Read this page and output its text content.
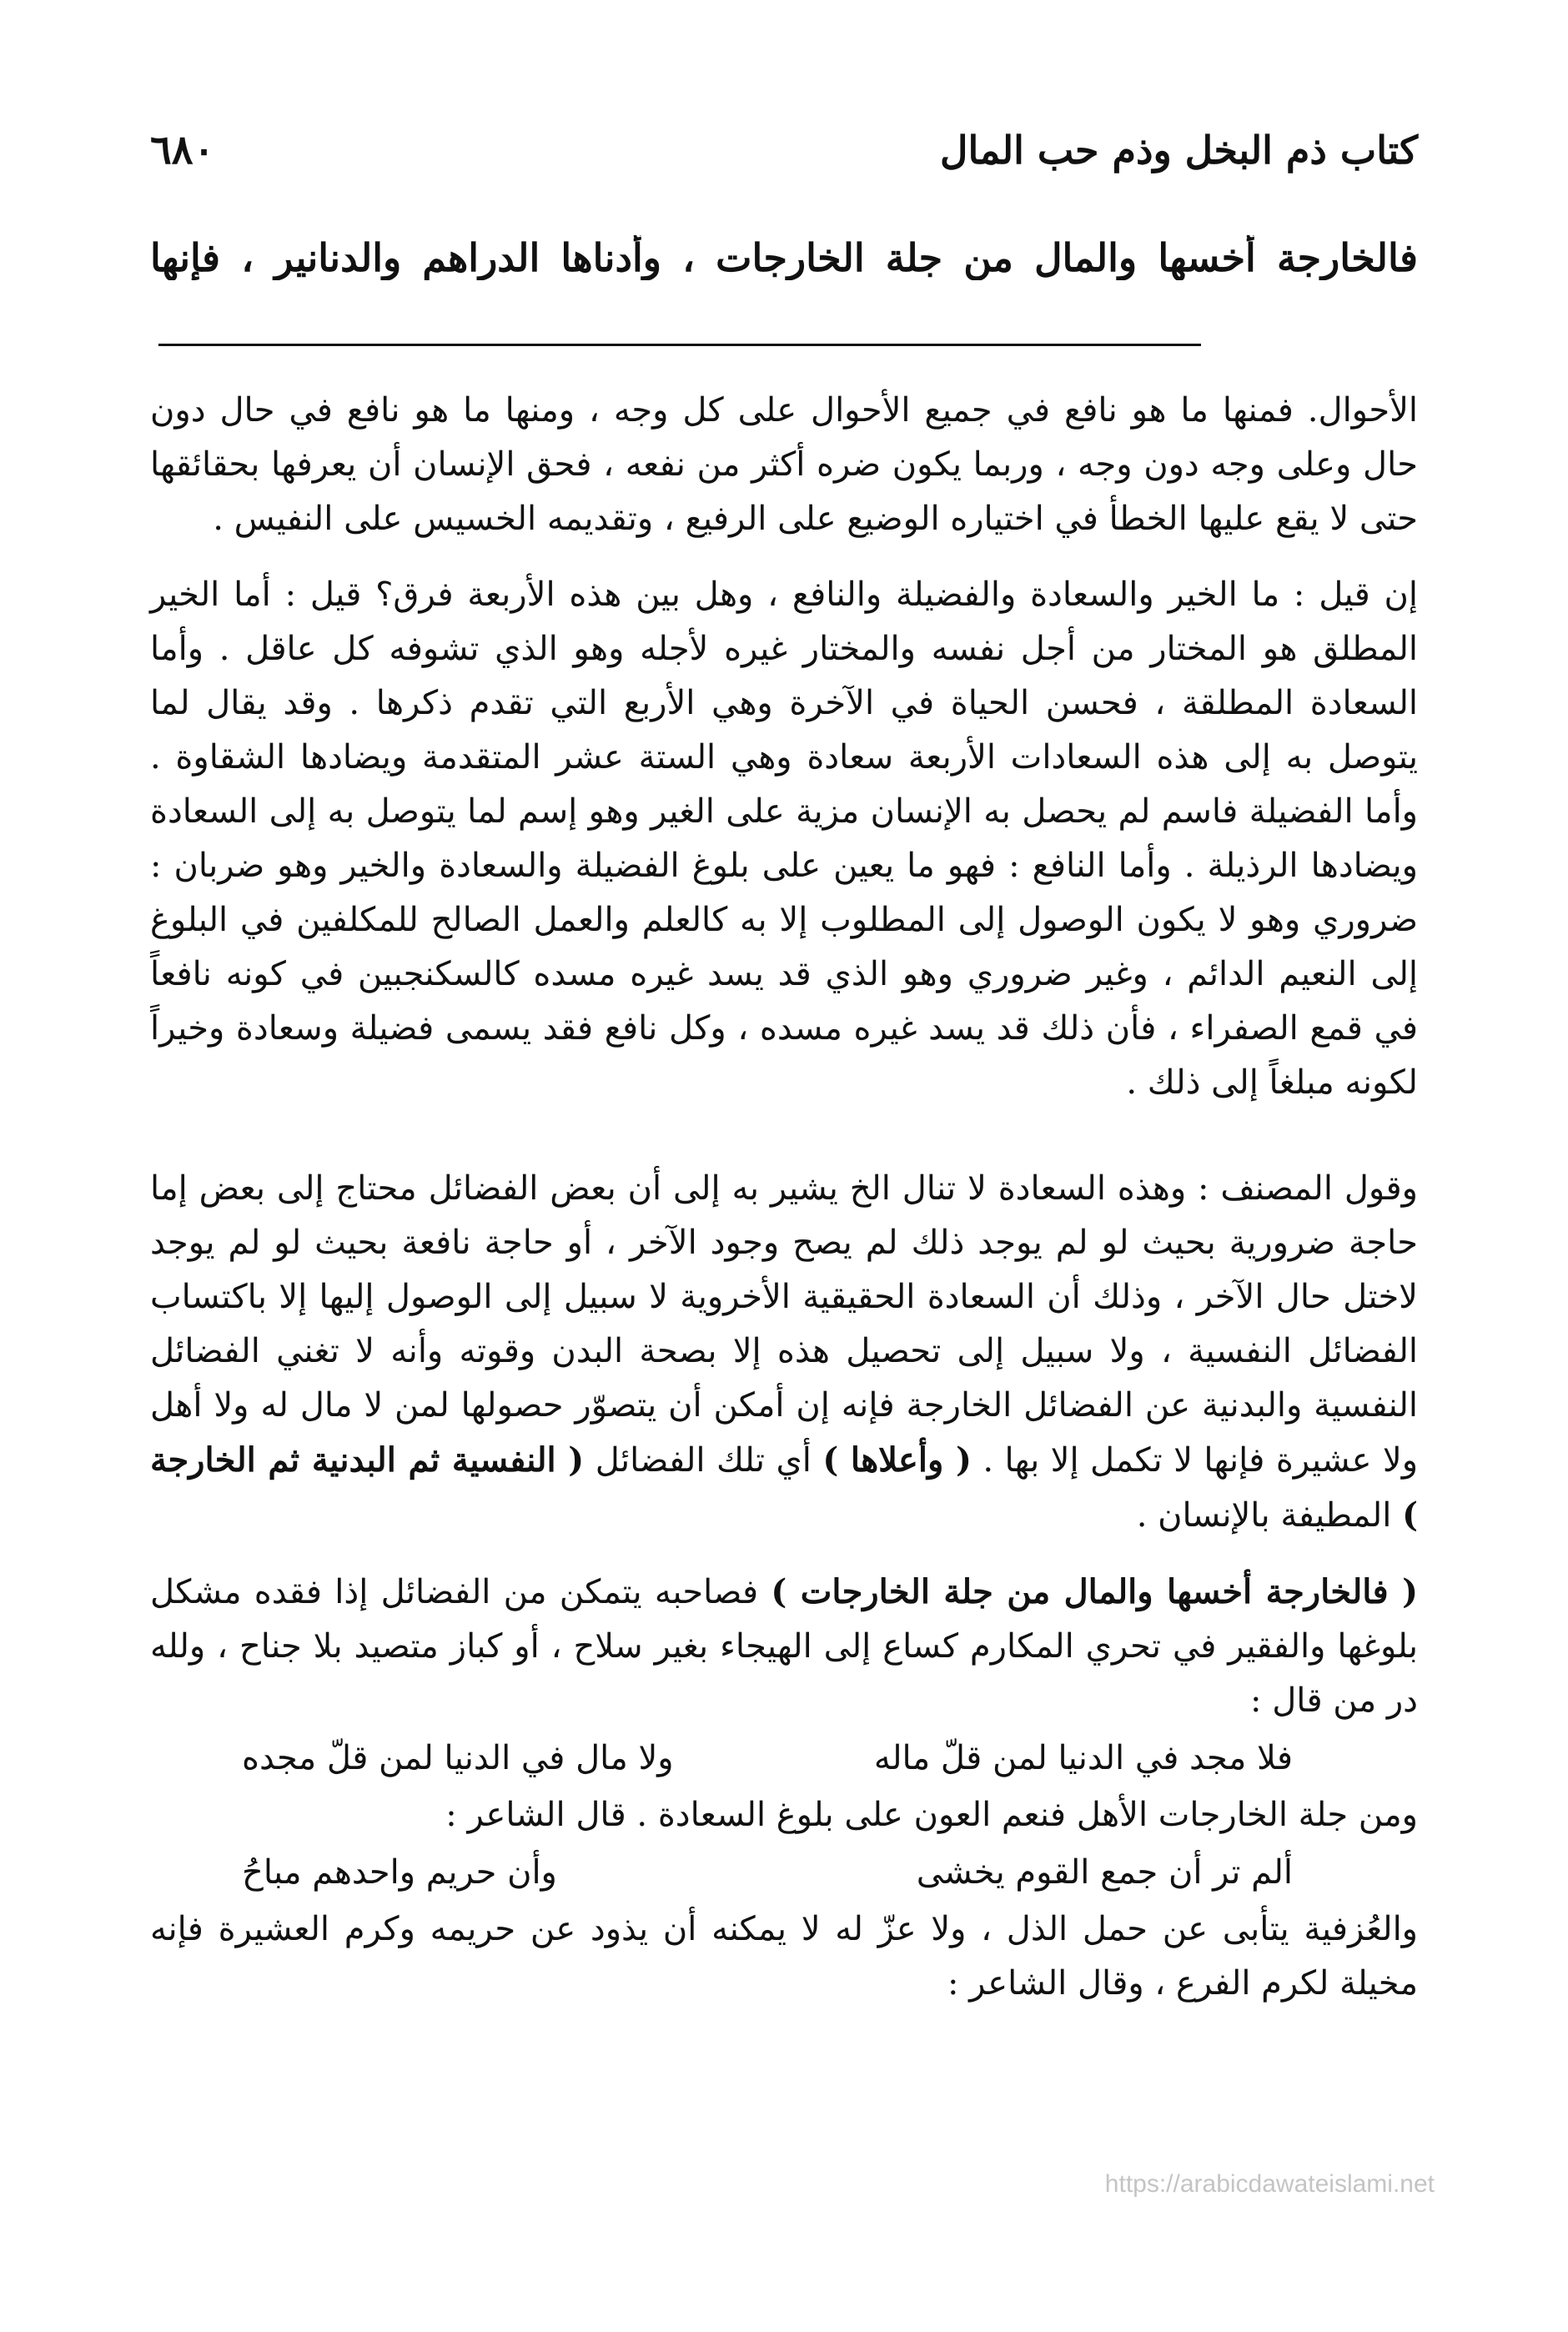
٦٨٠	كتاب ذم البخل وذم حب المال
فالخارجة أخسها والمال من جلة الخارجات ، وأدناها الدراهم والدنانير ، فإنها

الأحوال. فمنها ما هو نافع في جميع الأحوال على كل وجه ، ومنها ما هو نافع في حال دون حال وعلى وجه دون وجه ، وربما يكون ضره أكثر من نفعه ، فحق الإنسان أن يعرفها بحقائقها حتى لا يقع عليها الخطأ في اختياره الوضيع على الرفيع ، وتقديمه الخسيس على النفيس .

إن قيل : ما الخير والسعادة والفضيلة والنافع ، وهل بين هذه الأربعة فرق؟ قيل : أما الخير المطلق هو المختار من أجل نفسه والمختار غيره لأجله وهو الذي تشوفه كل عاقل . وأما السعادة المطلقة ، فحسن الحياة في الآخرة وهي الأربع التي تقدم ذكرها . وقد يقال لما يتوصل به إلى هذه السعادات الأربعة سعادة وهي الستة عشر المتقدمة ويضادها الشقاوة . وأما الفضيلة فاسم لم يحصل به الإنسان مزية على الغير وهو إسم لما يتوصل به إلى السعادة ويضادها الرذيلة . وأما النافع : فهو ما يعين على بلوغ الفضيلة والسعادة والخير وهو ضربان : ضروري وهو لا يكون الوصول إلى المطلوب إلا به كالعلم والعمل الصالح للمكلفين في البلوغ إلى النعيم الدائم ، وغير ضروري وهو الذي قد يسد غيره مسده كالسكنجبين في كونه نافعاً في قمع الصفراء ، فأن ذلك قد يسد غيره مسده ، وكل نافع فقد يسمى فضيلة وسعادة وخيراً لكونه مبلغاً إلى ذلك .

وقول المصنف : وهذه السعادة لا تنال الخ يشير به إلى أن بعض الفضائل محتاج إلى بعض إما حاجة ضرورية بحيث لو لم يوجد ذلك لم يصح وجود الآخر ، أو حاجة نافعة بحيث لو لم يوجد لاختل حال الآخر ، وذلك أن السعادة الحقيقية الأخروية لا سبيل إلى الوصول إليها إلا باكتساب الفضائل النفسية ، ولا سبيل إلى تحصيل هذه إلا بصحة البدن وقوته وأنه لا تغني الفضائل النفسية والبدنية عن الفضائل الخارجة فإنه إن أمكن أن يتصوّر حصولها لمن لا مال له ولا أهل ولا عشيرة فإنها لا تكمل إلا بها . ( وأعلاها ) أي تلك الفضائل ( النفسية ثم البدنية ثم الخارجة ) المطيفة بالإنسان .

( فالخارجة أخسها والمال من جلة الخارجات ) فصاحبه يتمكن من الفضائل إذا فقده مشكل بلوغها والفقير في تحري المكارم كساع إلى الهيجاء بغير سلاح ، أو كباز متصيد بلا جناح ، ولله در من قال :

فلا مجد في الدنيا لمن قلّ ماله
ولا مال في الدنيا لمن قلّ مجده

ومن جلة الخارجات الأهل فنعم العون على بلوغ السعادة . قال الشاعر :

ألم تر أن جمع القوم يخشى
وأن حريم واحدهم مباحُ

والعُزفية يتأبى عن حمل الذل ، ولا عزّ له لا يمكنه أن يذود عن حريمه وكرم العشيرة فإنه مخيلة لكرم الفرع ، وقال الشاعر :

https://arabicdawateislami.net
